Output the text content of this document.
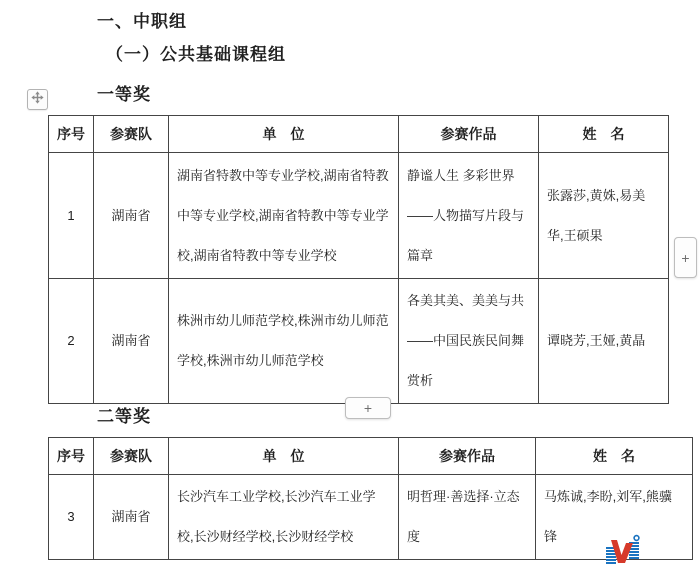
一、中职组
（一）公共基础课程组
一等奖
二等奖
序号	参赛队	单　位	参赛作品	姓　名
1	湖南省	湖南省特教中等专业学校,湖南省特教中等专业学校,湖南省特教中等专业学校,湖南省特教中等专业学校	静谧人生 多彩世界——人物描写片段与篇章	张露莎,黄姝,易美华,王硕果
2	湖南省	株洲市幼儿师范学校,株洲市幼儿师范学校,株洲市幼儿师范学校	各美其美、美美与共——中国民族民间舞赏析	谭晓芳,王娅,黄晶
+
+
序号	参赛队	单　位	参赛作品	姓　名
3	湖南省	长沙汽车工业学校,长沙汽车工业学校,长沙财经学校,长沙财经学校	明哲理·善选择·立态度	马炼诚,李盼,刘军,熊骥锋
